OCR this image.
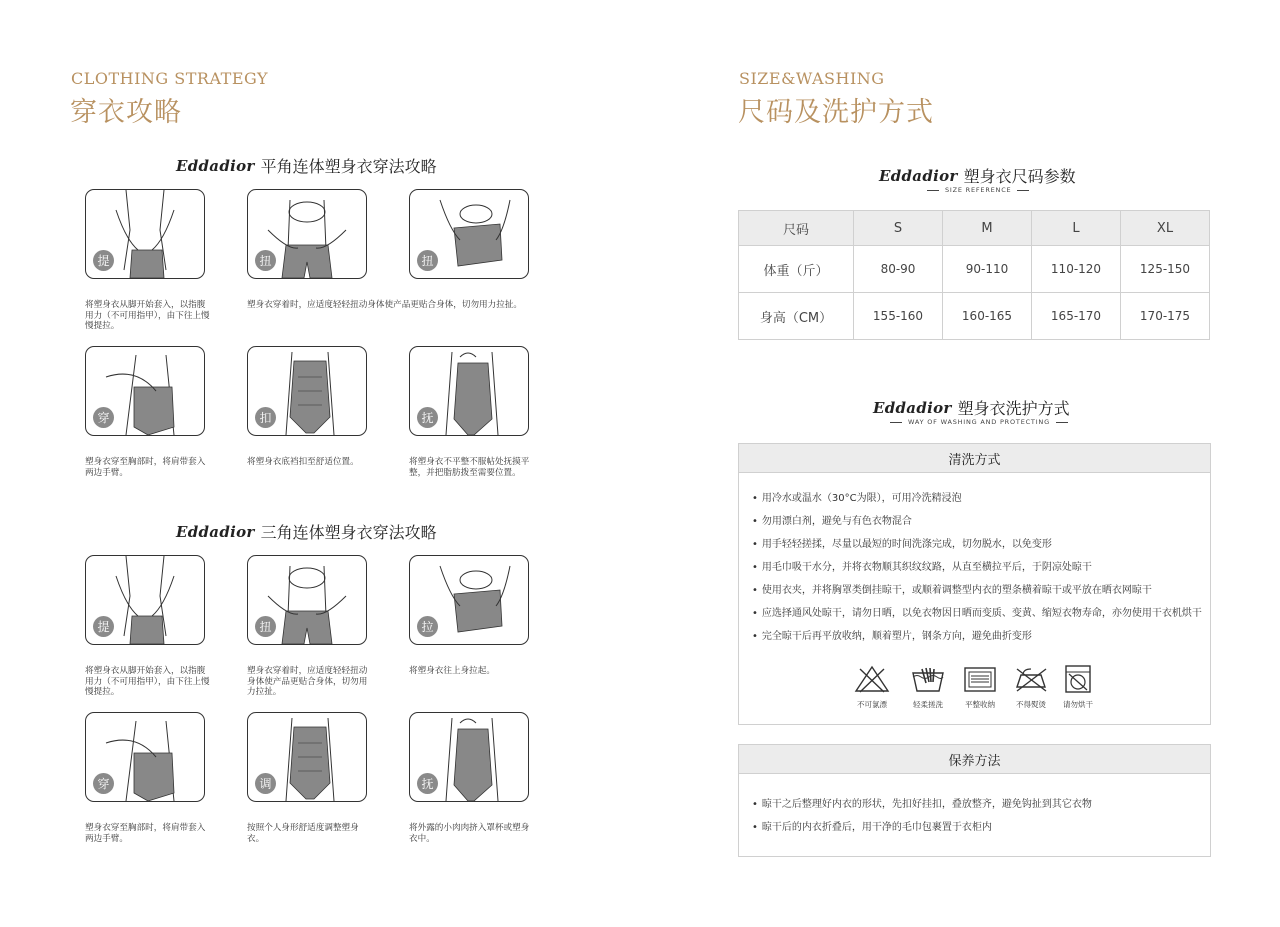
CLOTHING STRATEGY
穿衣攻略
Eddadior 平角连体塑身衣穿法攻略
提
将塑身衣从脚开始套入，以指腹用力（不可用指甲），由下往上慢慢提拉。
扭
塑身衣穿着时，应适度轻轻扭动身体使产品更贴合身体，切勿用力拉扯。
扭
穿
塑身衣穿至胸部时，将肩带套入两边手臂。
扣
将塑身衣底裆扣至舒适位置。
抚
将塑身衣不平整不服帖处抚摸平整，并把脂肪拨至需要位置。
Eddadior 三角连体塑身衣穿法攻略
提
将塑身衣从脚开始套入，以指腹用力（不可用指甲），由下往上慢慢提拉。
扭
塑身衣穿着时，应适度轻轻扭动身体使产品更贴合身体，切勿用力拉扯。
拉
将塑身衣往上身拉起。
穿
塑身衣穿至胸部时，将肩带套入两边手臂。
调
按照个人身形舒适度调整塑身衣。
抚
将外露的小肉肉挤入罩杯或塑身衣中。
SIZE&WASHING
尺码及洗护方式
Eddadior 塑身衣尺码参数
SIZE REFERENCE
尺码	S	M	L	XL
体重（斤）	80-90	90-110	110-120	125-150
身高（CM）	155-160	160-165	165-170	170-175
Eddadior 塑身衣洗护方式
WAY OF WASHING AND PROTECTING
清洗方式
• 用冷水或温水（30°C为限），可用冷洗精浸泡
• 勿用漂白剂，避免与有色衣物混合
• 用手轻轻搓揉，尽量以最短的时间洗涤完成，切勿脱水，以免变形
• 用毛巾吸干水分，并将衣物顺其织纹纹路，从直至横拉平后，于阴凉处晾干
• 使用衣夹，并将胸罩类倒挂晾干，或顺着调整型内衣的塑条横着晾干或平放在晒衣网晾干
• 应选择通风处晾干，请勿日晒，以免衣物因日晒而变质、变黄、缩短衣物寿命，亦勿使用干衣机烘干
• 完全晾干后再平放收纳，顺着塑片，钢条方向，避免曲折变形
不可氯漂	轻柔搓洗	平整收纳	不得熨烫	请勿烘干
保养方法
• 晾干之后整理好内衣的形状，先扣好挂扣，叠放整齐，避免钩扯到其它衣物
• 晾干后的内衣折叠后，用干净的毛巾包裹置于衣柜内
